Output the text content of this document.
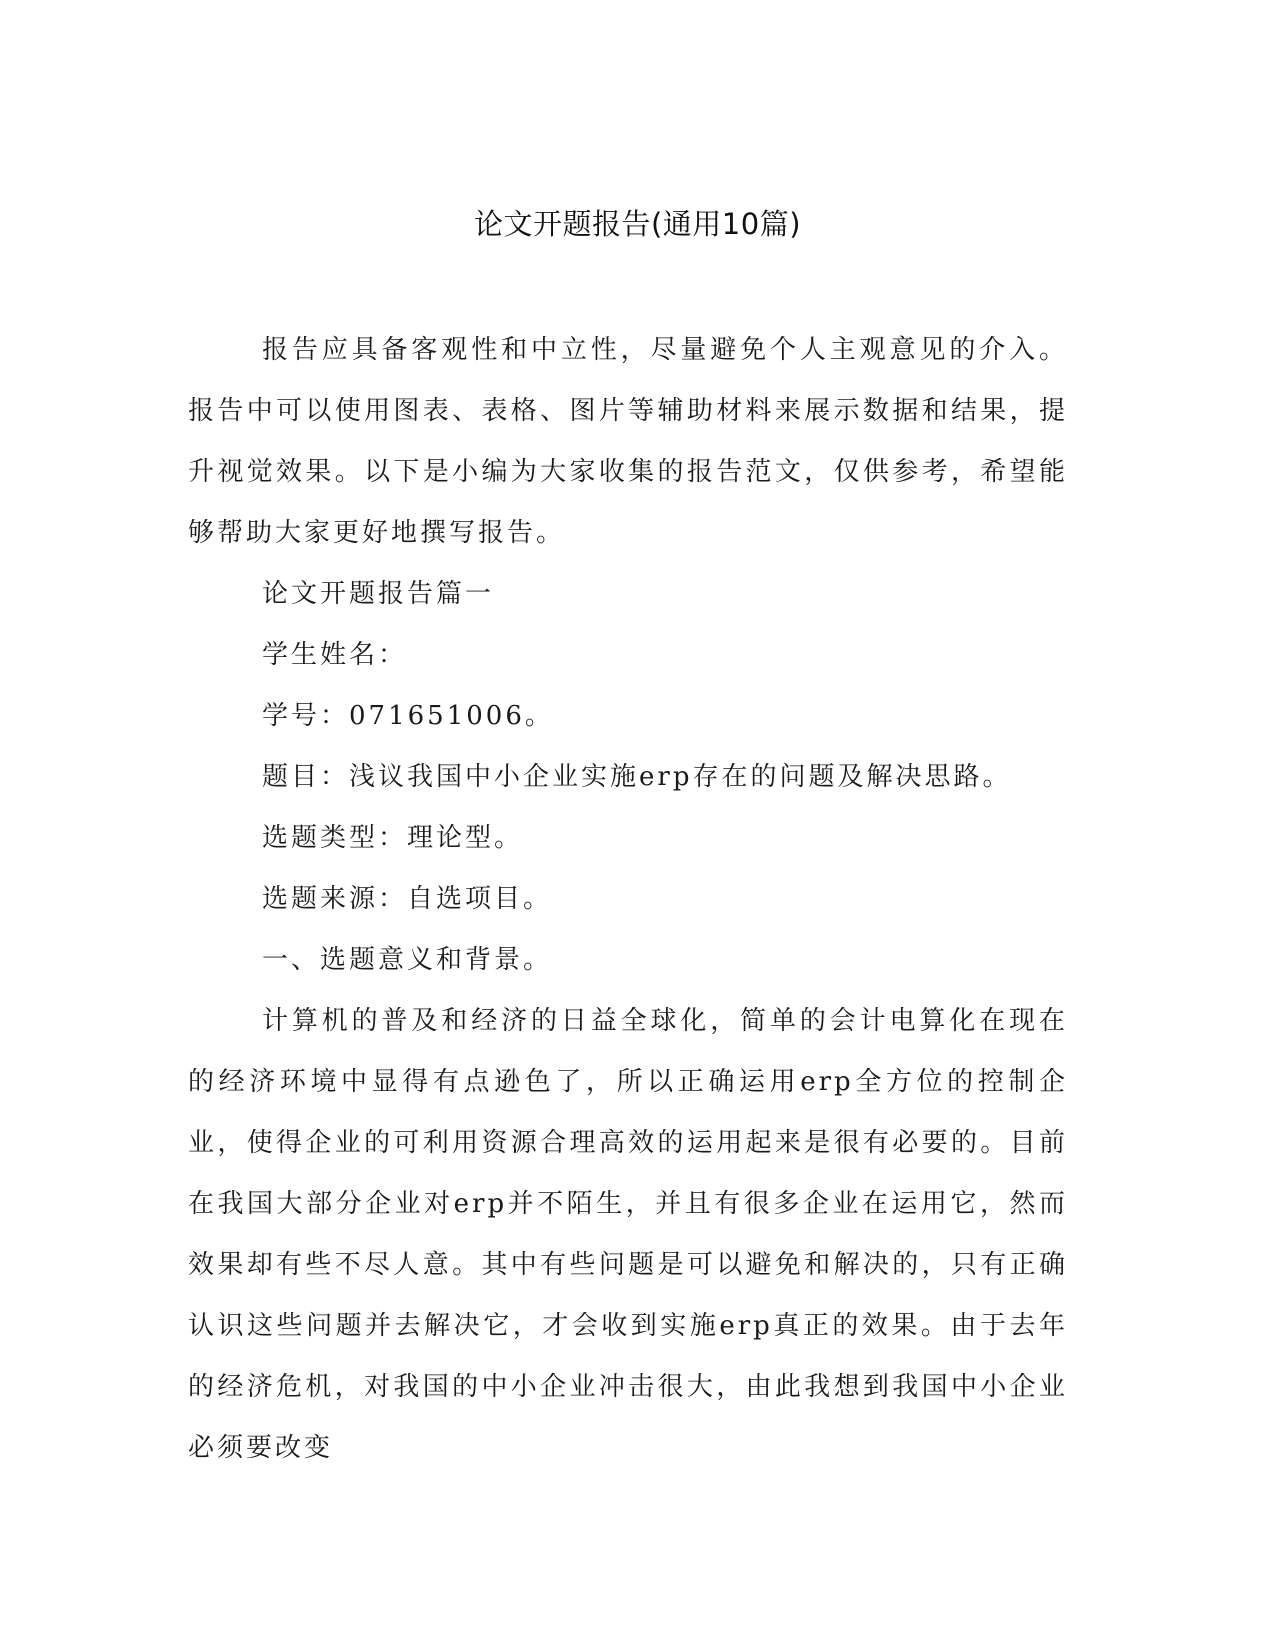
论文开题报告(通用10篇)

报告应具备客观性和中立性，尽量避免个人主观意见的介入。报告中可以使用图表、表格、图片等辅助材料来展示数据和结果，提升视觉效果。以下是小编为大家收集的报告范文，仅供参考，希望能够帮助大家更好地撰写报告。

论文开题报告篇一

学生姓名：

学号：071651006。

题目：浅议我国中小企业实施erp存在的问题及解决思路。

选题类型：理论型。

选题来源：自选项目。

一、选题意义和背景。

计算机的普及和经济的日益全球化，简单的会计电算化在现在的经济环境中显得有点逊色了，所以正确运用erp全方位的控制企业，使得企业的可利用资源合理高效的运用起来是很有必要的。目前在我国大部分企业对erp并不陌生，并且有很多企业在运用它，然而效果却有些不尽人意。其中有些问题是可以避免和解决的，只有正确认识这些问题并去解决它，才会收到实施erp真正的效果。由于去年的经济危机，对我国的中小企业冲击很大，由此我想到我国中小企业必须要改变
